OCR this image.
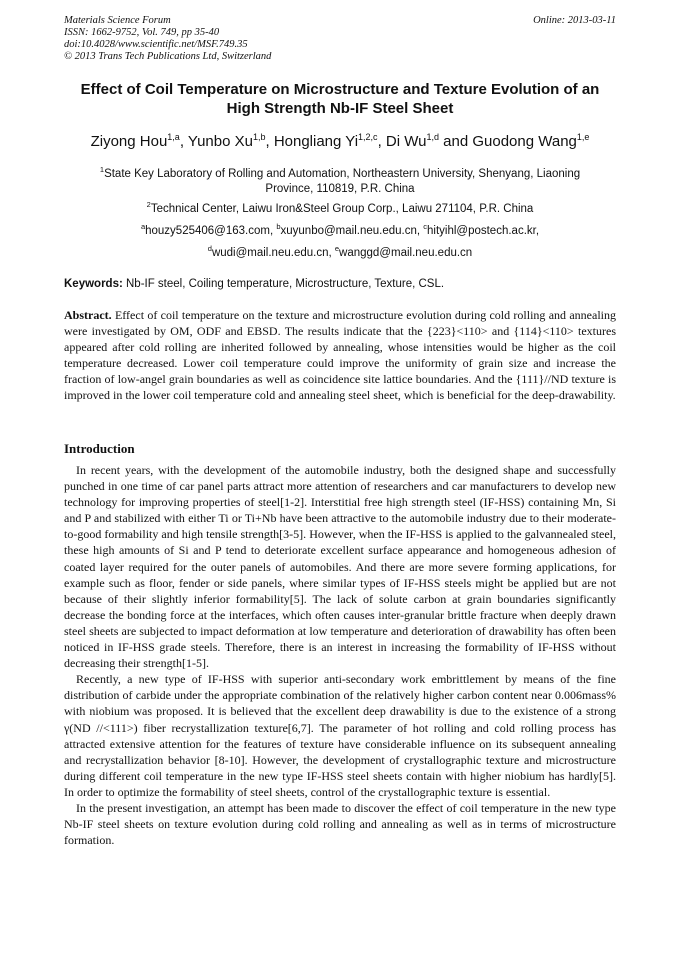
Materials Science Forum
ISSN: 1662-9752, Vol. 749, pp 35-40
doi:10.4028/www.scientific.net/MSF.749.35
© 2013 Trans Tech Publications Ltd, Switzerland
Online: 2013-03-11
Effect of Coil Temperature on Microstructure and Texture Evolution of an High Strength Nb-IF Steel Sheet
Ziyong Hou$^{1,a}$, Yunbo Xu$^{1,b}$, Hongliang Yi$^{1,2,c}$, Di Wu$^{1,d}$ and Guodong Wang$^{1,e}$
$^1$State Key Laboratory of Rolling and Automation, Northeastern University, Shenyang, Liaoning Province, 110819, P.R. China
$^2$Technical Center, Laiwu Iron&Steel Group Corp., Laiwu 271104, P.R. China
$^a$houzy525406@163.com, $^b$xuyunbo@mail.neu.edu.cn, $^c$hityihl@postech.ac.kr,
$^d$wudi@mail.neu.edu.cn, $^e$wanggd@mail.neu.edu.cn
Keywords: Nb-IF steel, Coiling temperature, Microstructure, Texture, CSL.
Abstract. Effect of coil temperature on the texture and microstructure evolution during cold rolling and annealing were investigated by OM, ODF and EBSD. The results indicate that the {223}<110> and {114}<110> textures appeared after cold rolling are inherited followed by annealing, whose intensities would be higher as the coil temperature decreased. Lower coil temperature could improve the uniformity of grain size and increase the fraction of low-angel grain boundaries as well as coincidence site lattice boundaries. And the {111}//ND texture is improved in the lower coil temperature cold and annealing steel sheet, which is beneficial for the deep-drawability.
Introduction

In recent years, with the development of the automobile industry, both the designed shape and successfully punched in one time of car panel parts attract more attention of researchers and car manufacturers to develop new technology for improving properties of steel[1-2]. Interstitial free high strength steel (IF-HSS) containing Mn, Si and P and stabilized with either Ti or Ti+Nb have been attractive to the automobile industry due to their moderate-to-good formability and high tensile strength[3-5]. However, when the IF-HSS is applied to the galvannealed steel, these high amounts of Si and P tend to deteriorate excellent surface appearance and homogeneous adhesion of coated layer required for the outer panels of automobiles. And there are more severe forming applications, for example such as floor, fender or side panels, where similar types of IF-HSS steels might be applied but are not because of their slightly inferior formability[5]. The lack of solute carbon at grain boundaries significantly decrease the bonding force at the interfaces, which often causes inter-granular brittle fracture when deeply drawn steel sheets are subjected to impact deformation at low temperature and deterioration of drawability has often been noticed in IF-HSS grade steels. Therefore, there is an interest in increasing the formability of IF-HSS without decreasing their strength[1-5].

Recently, a new type of IF-HSS with superior anti-secondary work embrittlement by means of the fine distribution of carbide under the appropriate combination of the relatively higher carbon content near 0.006mass% with niobium was proposed. It is believed that the excellent deep drawability is due to the existence of a strong γ(ND //<111>) fiber recrystallization texture[6,7]. The parameter of hot rolling and cold rolling process has attracted extensive attention for the features of texture have considerable influence on its subsequent annealing and recrystallization behavior [8-10]. However, the development of crystallographic texture and microstructure during different coil temperature in the new type IF-HSS steel sheets contain with higher niobium has hardly[5]. In order to optimize the formability of steel sheets, control of the crystallographic texture is essential.

In the present investigation, an attempt has been made to discover the effect of coil temperature in the new type Nb-IF steel sheets on texture evolution during cold rolling and annealing as well as in terms of microstructure formation.
